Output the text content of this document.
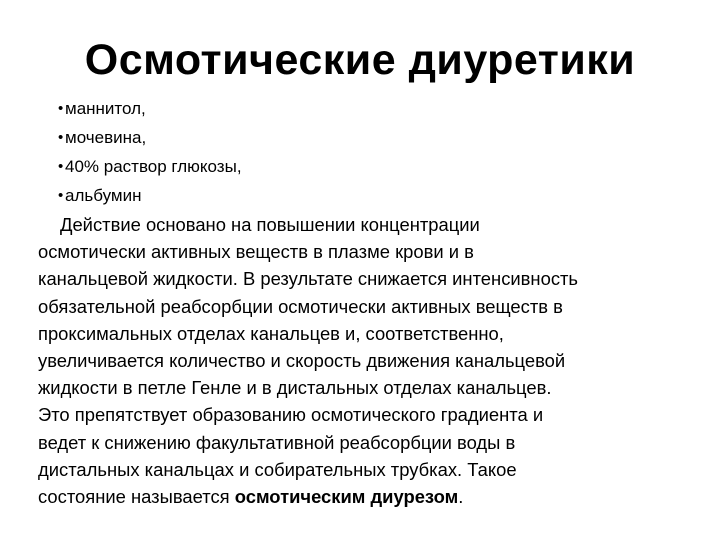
Осмотические диуретики
• маннитол,
• мочевина,
• 40% раствор глюкозы,
• альбумин

Действие основано на повышении концентрации
осмотически активных веществ в плазме крови и в
канальцевой жидкости. В результате снижается интенсивность
обязательной реабсорбции осмотически активных веществ в
проксимальных отделах канальцев и, соответственно,
увеличивается количество и скорость движения канальцевой
жидкости в петле Генле и в дистальных отделах канальцев.
Это препятствует образованию осмотического градиента и
ведет к снижению факультативной реабсорбции воды в
дистальных канальцах и собирательных трубках. Такое
состояние называется осмотическим диурезом.
